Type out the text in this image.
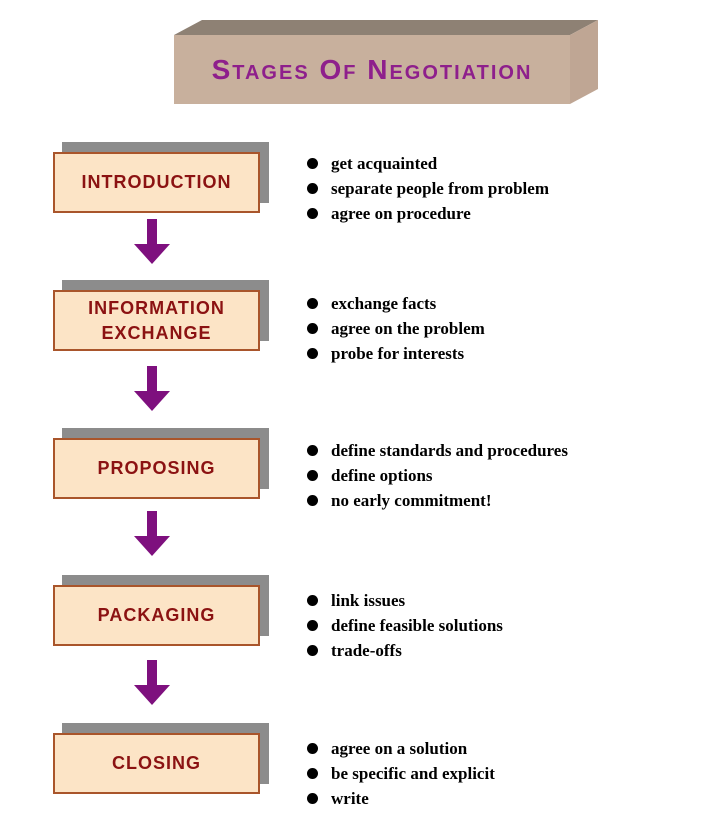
Stages Of Negotiation
INTRODUCTION
get acquainted
separate people from problem
agree on procedure
INFORMATION EXCHANGE
exchange facts
agree on the problem
probe for interests
PROPOSING
define standards and procedures
define options
no early commitment!
PACKAGING
link issues
define feasible solutions
trade-offs
CLOSING
agree on a solution
be specific and explicit
write
